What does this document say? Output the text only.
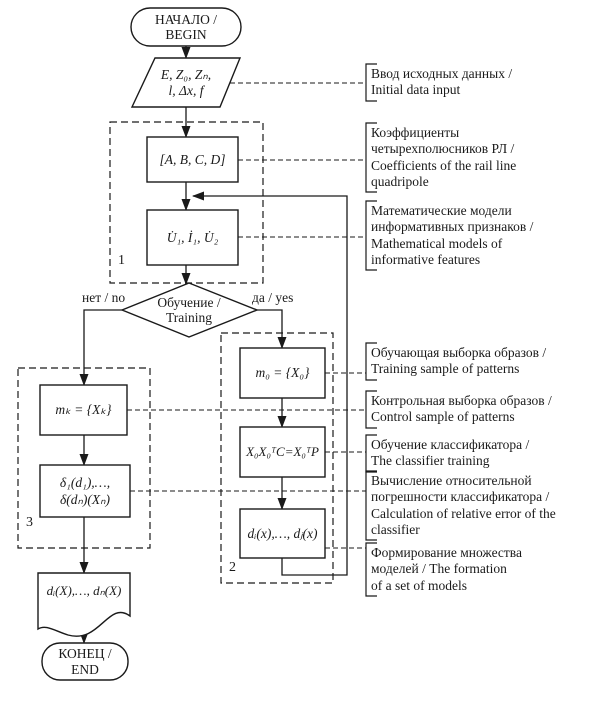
НАЧАЛО /
BEGIN
E, Z₀, Zₙ,
l, Δx, f
[A, B, C, D]
U̇₁, İ₁, U̇₂
Обучение /
Training
нет / no	да / yes
1
2
3
m₀ = {X₀}
X₀X₀ᵀC=X₀ᵀP
dᵢ(x),…, dⱼ(x)
mₖ = {Xₖ}
δ₁(d₁),…,
δ(dₙ)(Xₙ)
dᵢ(X),…, dₙ(X)
КОНЕЦ /
END
Ввод исходных данных /
Initial data input
Коэффициенты
четырехполюсников РЛ /
Coefficients of the rail line
quadripole
Математические модели
информативных признаков /
Mathematical models of
informative features
Обучающая выборка образов /
Training sample of patterns
Контрольная выборка образов /
Control sample of patterns
Обучение классификатора /
The classifier training
Вычисление относительной
погрешности классификатора /
Calculation of relative error of the
classifier
Формирование множества
моделей / The formation
of a set of models
